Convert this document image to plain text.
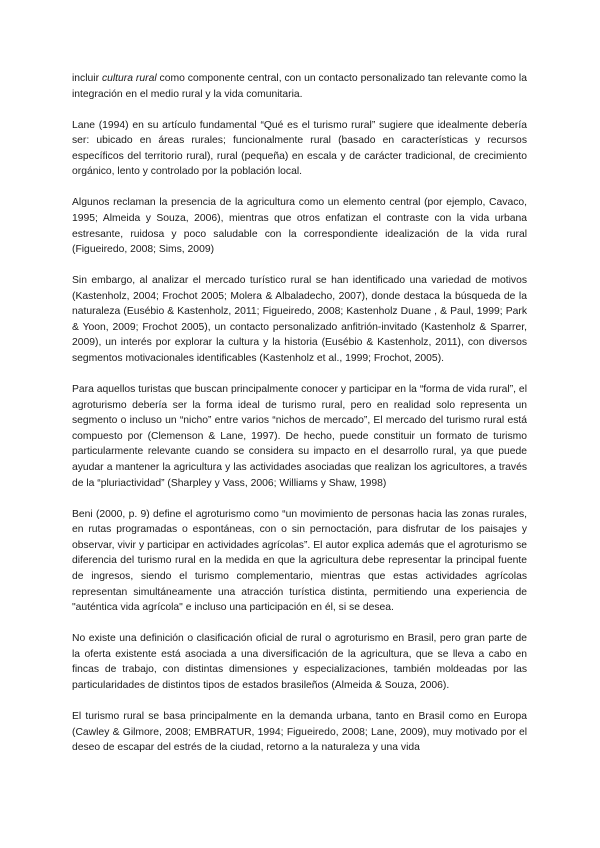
incluir cultura rural como componente central, con un contacto personalizado tan relevante como la integración en el medio rural y la vida comunitaria.

Lane (1994) en su artículo fundamental “Qué es el turismo rural” sugiere que idealmente debería ser: ubicado en áreas rurales; funcionalmente rural (basado en características y recursos específicos del territorio rural), rural (pequeña) en escala y de carácter tradicional, de crecimiento orgánico, lento y controlado por la población local.

Algunos reclaman la presencia de la agricultura como un elemento central (por ejemplo, Cavaco, 1995; Almeida y Souza, 2006), mientras que otros enfatizan el contraste con la vida urbana estresante, ruidosa y poco saludable con la correspondiente idealización de la vida rural (Figueiredo, 2008; Sims, 2009)

Sin embargo, al analizar el mercado turístico rural se han identificado una variedad de motivos (Kastenholz, 2004; Frochot 2005; Molera & Albaladecho, 2007), donde destaca la búsqueda de la naturaleza (Eusébio & Kastenholz, 2011; Figueiredo, 2008; Kastenholz Duane , & Paul, 1999; Park & Yoon, 2009; Frochot 2005), un contacto personalizado anfitrión-invitado (Kastenholz & Sparrer, 2009), un interés por explorar la cultura y la historia (Eusébio & Kastenholz, 2011), con diversos segmentos motivacionales identificables (Kastenholz et al., 1999; Frochot, 2005).

Para aquellos turistas que buscan principalmente conocer y participar en la “forma de vida rural”, el agroturismo debería ser la forma ideal de turismo rural, pero en realidad solo representa un segmento o incluso un “nicho” entre varios “nichos de mercado”, El mercado del turismo rural está compuesto por (Clemenson & Lane, 1997). De hecho, puede constituir un formato de turismo particularmente relevante cuando se considera su impacto en el desarrollo rural, ya que puede ayudar a mantener la agricultura y las actividades asociadas que realizan los agricultores, a través de la “pluriactividad” (Sharpley y Vass, 2006; Williams y Shaw, 1998)

Beni (2000, p. 9) define el agroturismo como “un movimiento de personas hacia las zonas rurales, en rutas programadas o espontáneas, con o sin pernoctación, para disfrutar de los paisajes y observar, vivir y participar en actividades agrícolas”. El autor explica además que el agroturismo se diferencia del turismo rural en la medida en que la agricultura debe representar la principal fuente de ingresos, siendo el turismo complementario, mientras que estas actividades agrícolas representan simultáneamente una atracción turística distinta, permitiendo una experiencia de "auténtica vida agrícola" e incluso una participación en él, si se desea.

No existe una definición o clasificación oficial de rural o agroturismo en Brasil, pero gran parte de la oferta existente está asociada a una diversificación de la agricultura, que se lleva a cabo en fincas de trabajo, con distintas dimensiones y especializaciones, también moldeadas por las particularidades de distintos tipos de estados brasileños (Almeida & Souza, 2006).

El turismo rural se basa principalmente en la demanda urbana, tanto en Brasil como en Europa (Cawley & Gilmore, 2008; EMBRATUR, 1994; Figueiredo, 2008; Lane, 2009), muy motivado por el deseo de escapar del estrés de la ciudad, retorno a la naturaleza y una vida
